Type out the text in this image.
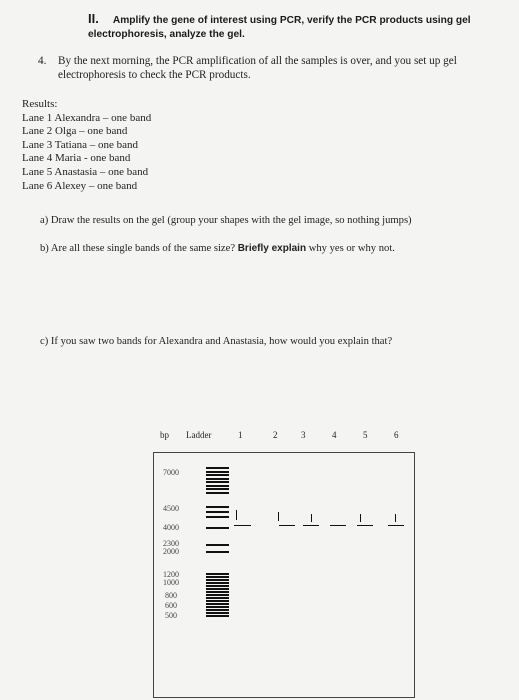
II. Amplify the gene of interest using PCR, verify the PCR products using gel electrophoresis, analyze the gel.
4. By the next morning, the PCR amplification of all the samples is over, and you set up gel electrophoresis to check the PCR products.
Results:
Lane 1 Alexandra – one band
Lane 2 Olga – one band
Lane 3 Tatiana – one band
Lane 4 Maria - one band
Lane 5 Anastasia – one band
Lane 6 Alexey – one band
a) Draw the results on the gel (group your shapes with the gel image, so nothing jumps)
b) Are all these single bands of the same size? Briefly explain why yes or why not.
c) If you saw two bands for Alexandra and Anastasia, how would you explain that?
bp Ladder	1	2	3	4	5	6
7000
4500
4000
2300
2000
1200
1000
800
600
500
